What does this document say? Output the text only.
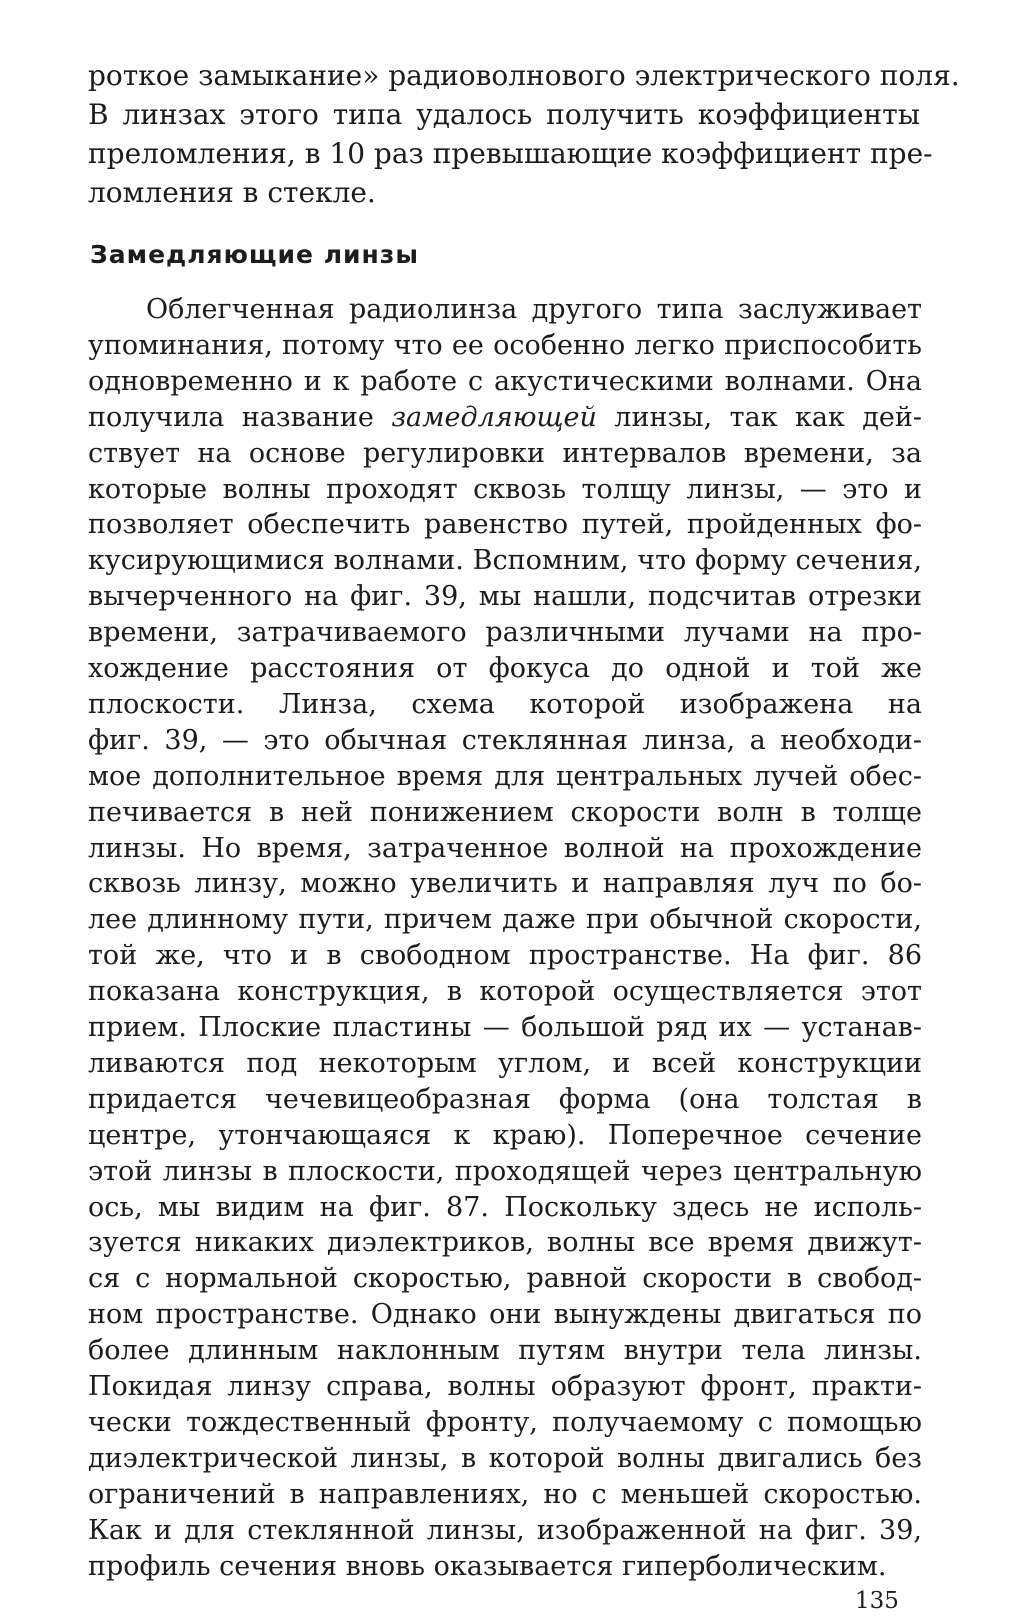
роткое замыкание» радиоволнового электрического поля.
В линзах этого типа удалось получить коэффициенты
преломления, в 10 раз превышающие коэффициент пре-
ломления в стекле.
Замедляющие линзы
Облегченная радиолинза другого типа заслуживает
упоминания, потому что ее особенно легко приспособить
одновременно и к работе с акустическими волнами. Она
получила название замедляющей линзы, так как дей-
ствует на основе регулировки интервалов времени, за
которые волны проходят сквозь толщу линзы, — это и
позволяет обеспечить равенство путей, пройденных фо-
кусирующимися волнами. Вспомним, что форму сечения,
вычерченного на фиг. 39, мы нашли, подсчитав отрезки
времени, затрачиваемого различными лучами на про-
хождение расстояния от фокуса до одной и той же
плоскости. Линза, схема которой изображена на
фиг. 39, — это обычная стеклянная линза, а необходи-
мое дополнительное время для центральных лучей обес-
печивается в ней понижением скорости волн в толще
линзы. Но время, затраченное волной на прохождение
сквозь линзу, можно увеличить и направляя луч по бо-
лее длинному пути, причем даже при обычной скорости,
той же, что и в свободном пространстве. На фиг. 86
показана конструкция, в которой осуществляется этот
прием. Плоские пластины — большой ряд их — устанав-
ливаются под некоторым углом, и всей конструкции
придается чечевицеобразная форма (она толстая в
центре, утончающаяся к краю). Поперечное сечение
этой линзы в плоскости, проходящей через центральную
ось, мы видим на фиг. 87. Поскольку здесь не исполь-
зуется никаких диэлектриков, волны все время движут-
ся с нормальной скоростью, равной скорости в свобод-
ном пространстве. Однако они вынуждены двигаться по
более длинным наклонным путям внутри тела линзы.
Покидая линзу справа, волны образуют фронт, практи-
чески тождественный фронту, получаемому с помощью
диэлектрической линзы, в которой волны двигались без
ограничений в направлениях, но с меньшей скоростью.
Как и для стеклянной линзы, изображенной на фиг. 39,
профиль сечения вновь оказывается гиперболическим.
135
